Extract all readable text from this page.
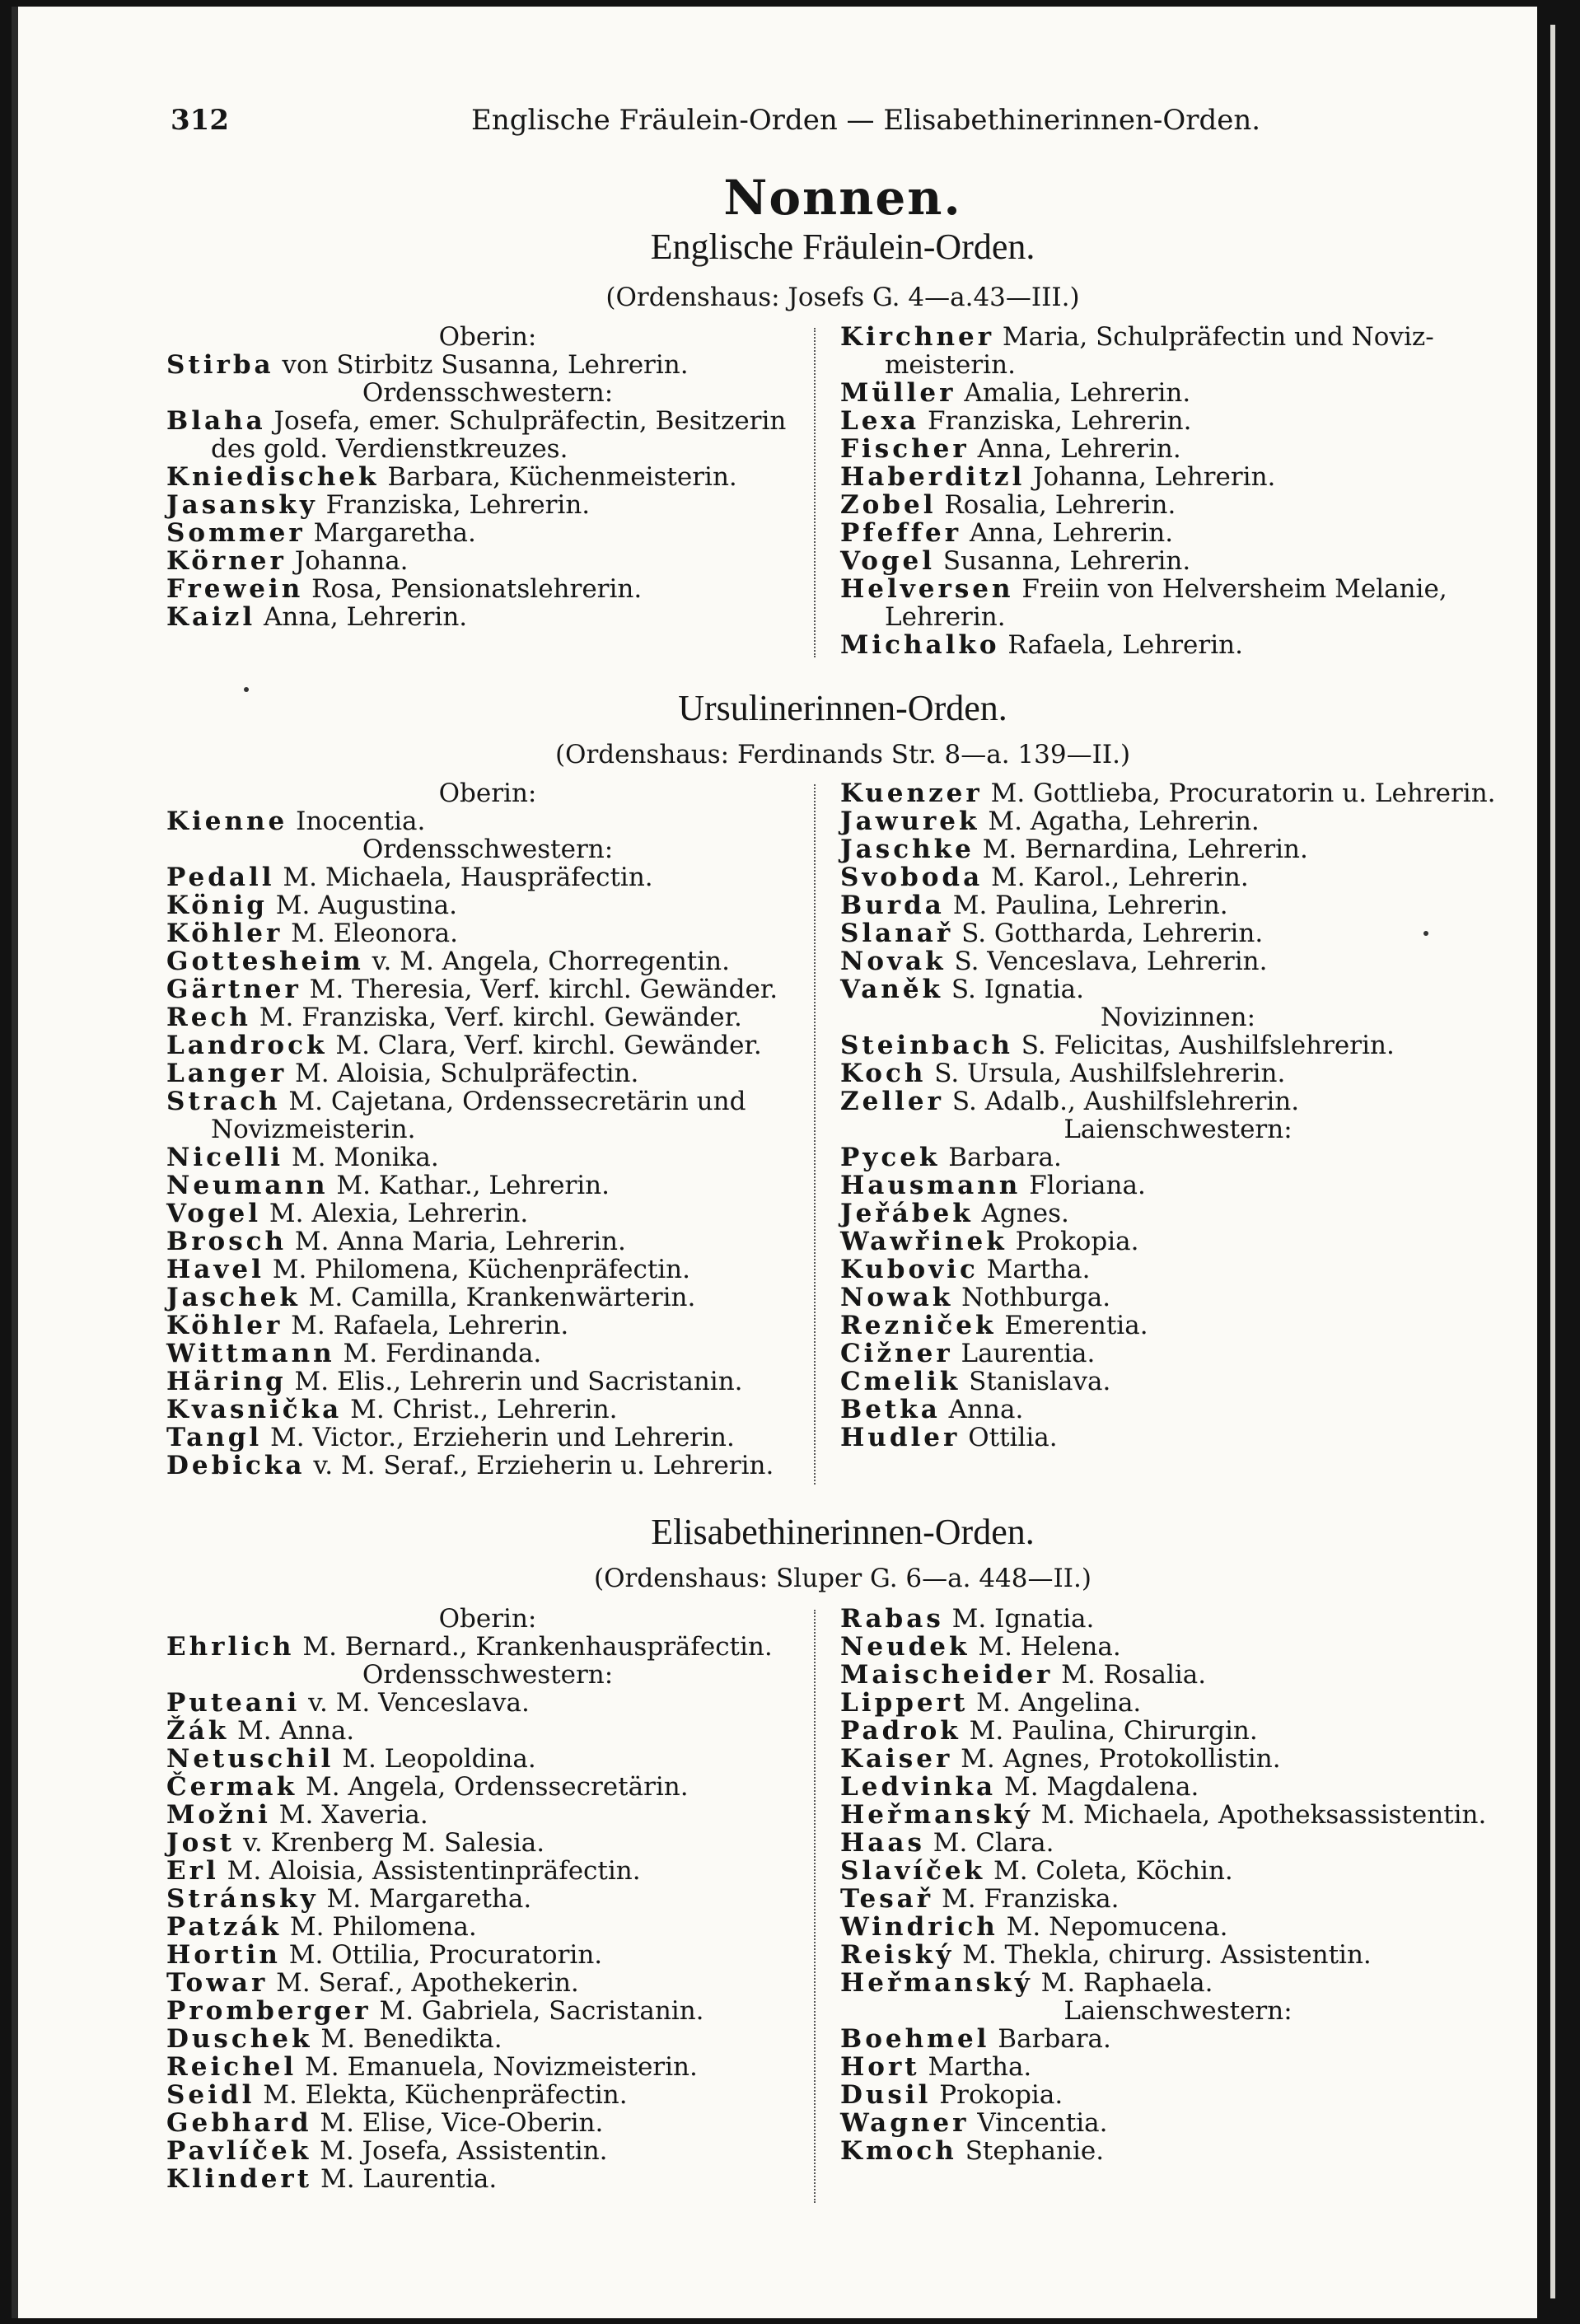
312	Englische Fräulein-Orden — Elisabethinerinnen-Orden.
Nonnen.
Englische Fräulein-Orden.
(Ordenshaus: Josefs G. 4—a.43—III.)
Oberin:
Stirba von Stirbitz Susanna, Lehrerin.
Ordensschwestern:
Blaha Josefa, emer. Schulpräfectin, Besitzerin
des gold. Verdienstkreuzes.
Kniedischek Barbara, Küchenmeisterin.
Jasansky Franziska, Lehrerin.
Sommer Margaretha.
Körner Johanna.
Frewein Rosa, Pensionatslehrerin.
Kaizl Anna, Lehrerin.
Kirchner Maria, Schulpräfectin und Noviz-
meisterin.
Müller Amalia, Lehrerin.
Lexa Franziska, Lehrerin.
Fischer Anna, Lehrerin.
Haberditzl Johanna, Lehrerin.
Zobel Rosalia, Lehrerin.
Pfeffer Anna, Lehrerin.
Vogel Susanna, Lehrerin.
Helversen Freiin von Helversheim Melanie,
Lehrerin.
Michalko Rafaela, Lehrerin.
Ursulinerinnen-Orden.
(Ordenshaus: Ferdinands Str. 8—a. 139—II.)
Oberin:
Kienne Inocentia.
Ordensschwestern:
Pedall M. Michaela, Hauspräfectin.
König M. Augustina.
Köhler M. Eleonora.
Gottesheim v. M. Angela, Chorregentin.
Gärtner M. Theresia, Verf. kirchl. Gewänder.
Rech M. Franziska, Verf. kirchl. Gewänder.
Landrock M. Clara, Verf. kirchl. Gewänder.
Langer M. Aloisia, Schulpräfectin.
Strach M. Cajetana, Ordenssecretärin und
Novizmeisterin.
Nicelli M. Monika.
Neumann M. Kathar., Lehrerin.
Vogel M. Alexia, Lehrerin.
Brosch M. Anna Maria, Lehrerin.
Havel M. Philomena, Küchenpräfectin.
Jaschek M. Camilla, Krankenwärterin.
Köhler M. Rafaela, Lehrerin.
Wittmann M. Ferdinanda.
Häring M. Elis., Lehrerin und Sacristanin.
Kvasnička M. Christ., Lehrerin.
Tangl M. Victor., Erzieherin und Lehrerin.
Debicka v. M. Seraf., Erzieherin u. Lehrerin.
Kuenzer M. Gottlieba, Procuratorin u. Lehrerin.
Jawurek M. Agatha, Lehrerin.
Jaschke M. Bernardina, Lehrerin.
Svoboda M. Karol., Lehrerin.
Burda M. Paulina, Lehrerin.
Slanař S. Gottharda, Lehrerin.
Novak S. Venceslava, Lehrerin.
Vaněk S. Ignatia.
Novizinnen:
Steinbach S. Felicitas, Aushilfslehrerin.
Koch S. Ursula, Aushilfslehrerin.
Zeller S. Adalb., Aushilfslehrerin.
Laienschwestern:
Pycek Barbara.
Hausmann Floriana.
Jeřábek Agnes.
Wawřinek Prokopia.
Kubovic Martha.
Nowak Nothburga.
Rezniček Emerentia.
Cižner Laurentia.
Cmelik Stanislava.
Betka Anna.
Hudler Ottilia.
Elisabethinerinnen-Orden.
(Ordenshaus: Sluper G. 6—a. 448—II.)
Oberin:
Ehrlich M. Bernard., Krankenhauspräfectin.
Ordensschwestern:
Puteani v. M. Venceslava.
Žák M. Anna.
Netuschil M. Leopoldina.
Čermak M. Angela, Ordenssecretärin.
Možni M. Xaveria.
Jost v. Krenberg M. Salesia.
Erl M. Aloisia, Assistentinpräfectin.
Stránsky M. Margaretha.
Patzák M. Philomena.
Hortin M. Ottilia, Procuratorin.
Towar M. Seraf., Apothekerin.
Promberger M. Gabriela, Sacristanin.
Duschek M. Benedikta.
Reichel M. Emanuela, Novizmeisterin.
Seidl M. Elekta, Küchenpräfectin.
Gebhard M. Elise, Vice-Oberin.
Pavlíček M. Josefa, Assistentin.
Klindert M. Laurentia.
Rabas M. Ignatia.
Neudek M. Helena.
Maischeider M. Rosalia.
Lippert M. Angelina.
Padrok M. Paulina, Chirurgin.
Kaiser M. Agnes, Protokollistin.
Ledvinka M. Magdalena.
Heřmanský M. Michaela, Apotheksassistentin.
Haas M. Clara.
Slavíček M. Coleta, Köchin.
Tesař M. Franziska.
Windrich M. Nepomucena.
Reiský M. Thekla, chirurg. Assistentin.
Heřmanský M. Raphaela.
Laienschwestern:
Boehmel Barbara.
Hort Martha.
Dusil Prokopia.
Wagner Vincentia.
Kmoch Stephanie.
